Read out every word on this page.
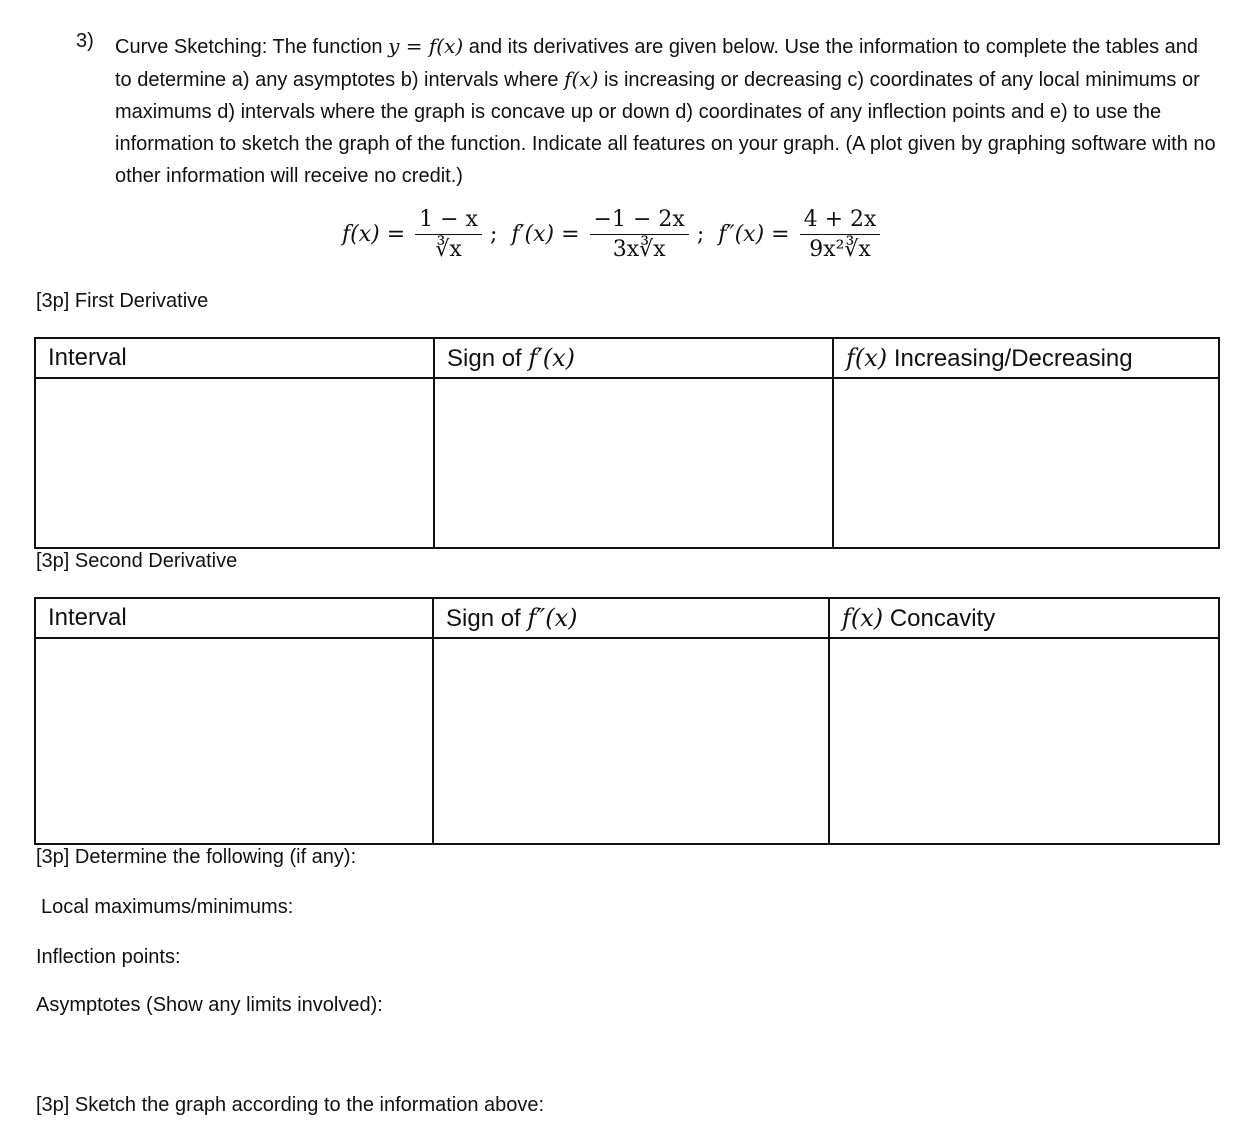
3) Curve Sketching: The function y = f(x) and its derivatives are given below. Use the information to complete the tables and to determine a) any asymptotes b) intervals where f(x) is increasing or decreasing c) coordinates of any local minimums or maximums d) intervals where the graph is concave up or down d) coordinates of any inflection points and e) to use the information to sketch the graph of the function. Indicate all features on your graph. (A plot given by graphing software with no other information will receive no credit.)
$f(x) = \frac{1 - x}{∛x}$ ; $f'(x) = \frac{-1 - 2x}{3x∛x}$ ; $f''(x) = \frac{4 + 2x}{\text{9x²∛x}}$
[3p] First Derivative
Interval	Sign of f′(x)	f(x) Increasing/Decreasing

[3p] Second Derivative
Interval	Sign of f″(x)	f(x) Concavity

[3p] Determine the following (if any):
Local maximums/minimums:
Inflection points:
Asymptotes (Show any limits involved):
[3p] Sketch the graph according to the information above:
